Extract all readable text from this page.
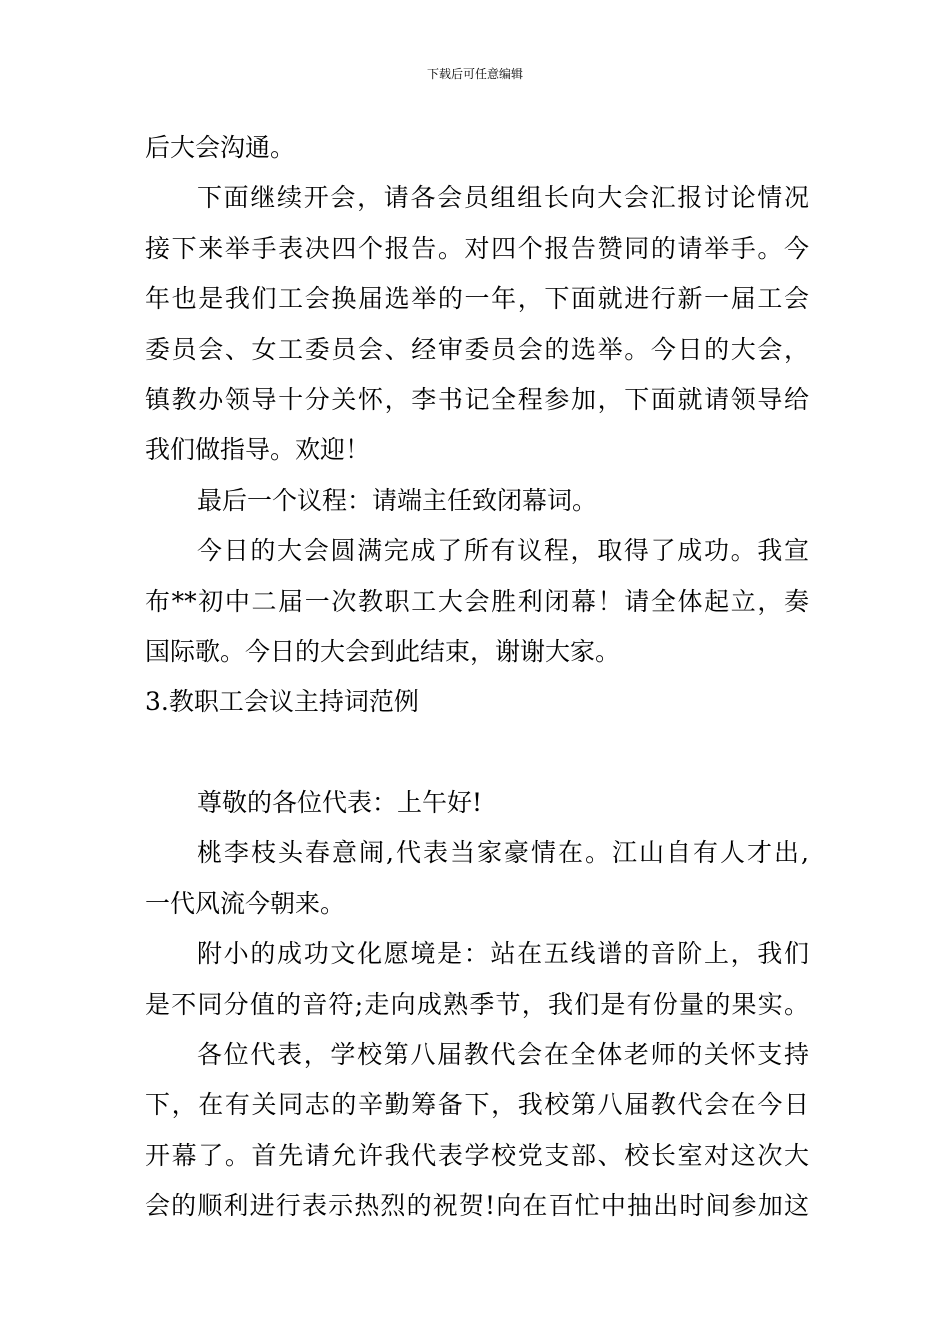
下载后可任意编辑
后大会沟通。
下面继续开会，请各会员组组长向大会汇报讨论情况
接下来举手表决四个报告。对四个报告赞同的请举手。今
年也是我们工会换届选举的一年，下面就进行新一届工会
委员会、女工委员会、经审委员会的选举。今日的大会，
镇教办领导十分关怀，李书记全程参加，下面就请领导给
我们做指导。欢迎！
最后一个议程：请端主任致闭幕词。
今日的大会圆满完成了所有议程，取得了成功。我宣
布**初中二届一次教职工大会胜利闭幕！请全体起立，奏
国际歌。今日的大会到此结束，谢谢大家。
3.教职工会议主持词范例
尊敬的各位代表：上午好!
桃李枝头春意闹,代表当家豪情在。江山自有人才出,
一代风流今朝来。
附小的成功文化愿境是：站在五线谱的音阶上，我们
是不同分值的音符;走向成熟季节，我们是有份量的果实。
各位代表，学校第八届教代会在全体老师的关怀支持
下，在有关同志的辛勤筹备下，我校第八届教代会在今日
开幕了。首先请允许我代表学校党支部、校长室对这次大
会的顺利进行表示热烈的祝贺!向在百忙中抽出时间参加这
